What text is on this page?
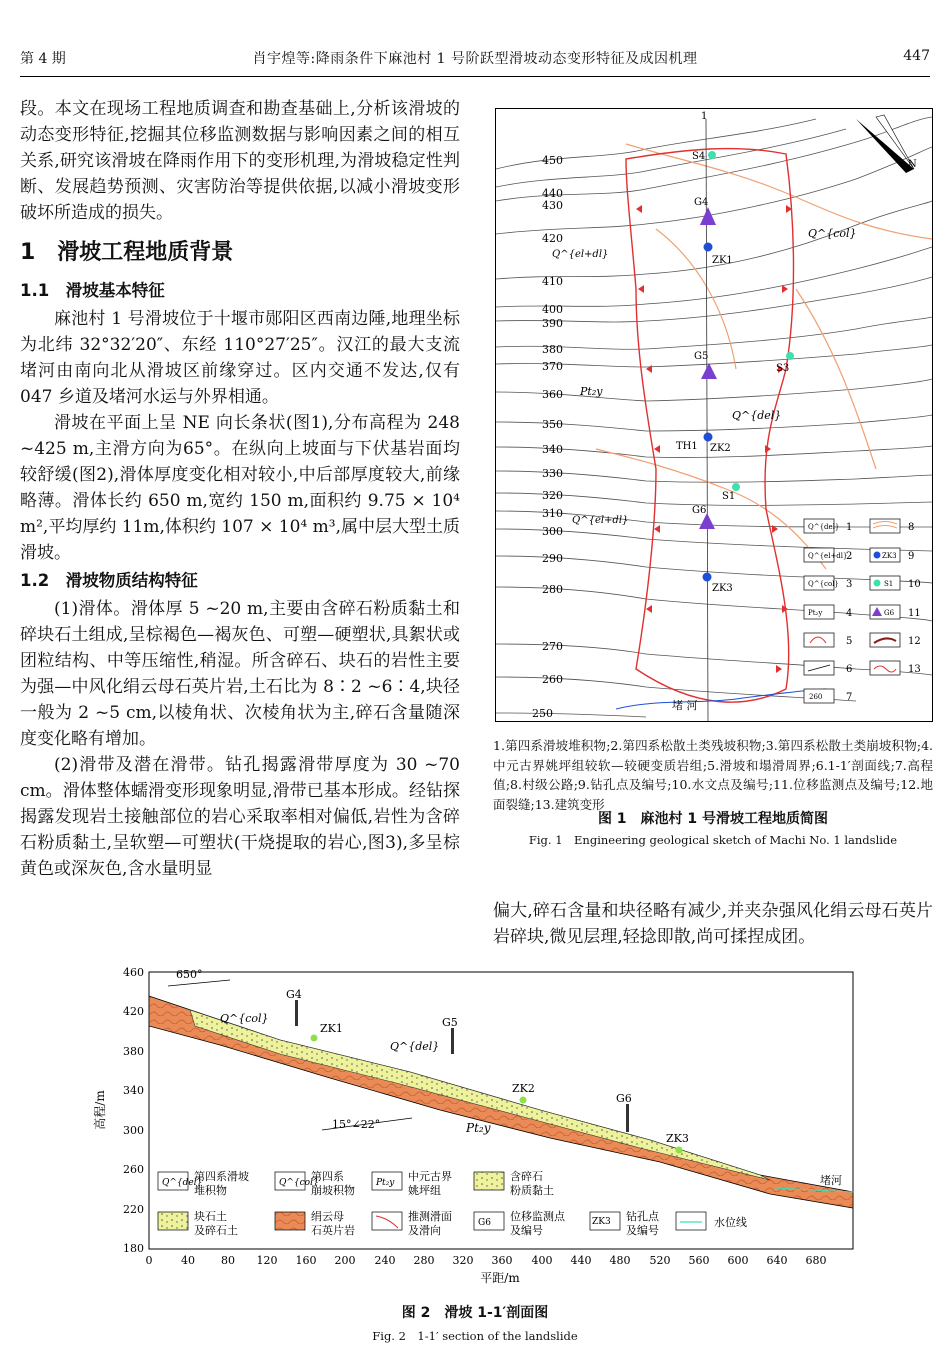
第 4 期	肖宇煌等:降雨条件下麻池村 1 号阶跃型滑坡动态变形特征及成因机理	447

段。本文在现场工程地质调查和勘查基础上,分析该滑坡的动态变形特征,挖掘其位移监测数据与影响因素之间的相互关系,研究该滑坡在降雨作用下的变形机理,为滑坡稳定性判断、发展趋势预测、灾害防治等提供依据,以减小滑坡变形破坏所造成的损失。

1　滑坡工程地质背景

1.1　滑坡基本特征

麻池村 1 号滑坡位于十堰市郧阳区西南边陲,地理坐标为北纬 32°32′20″、东经 110°27′25″。汉江的最大支流堵河由南向北从滑坡区前缘穿过。区内交通不发达,仅有 047 乡道及堵河水运与外界相通。

滑坡在平面上呈 NE 向长条状(图1),分布高程为 248 ~425 m,主滑方向为65°。在纵向上坡面与下伏基岩面均较舒缓(图2),滑体厚度变化相对较小,中后部厚度较大,前缘略薄。滑体长约 650 m,宽约 150 m,面积约 9.75 × 10⁴ m²,平均厚约 11m,体积约 107 × 10⁴ m³,属中层大型土质滑坡。

1.2　滑坡物质结构特征

(1)滑体。滑体厚 5 ~20 m,主要由含碎石粉质黏土和碎块石土组成,呈棕褐色—褐灰色、可塑—硬塑状,具絮状或团粒结构、中等压缩性,稍湿。所含碎石、块石的岩性主要为强—中风化绢云母石英片岩,土石比为 8∶2 ~6∶4,块径一般为 2 ~5 cm,以棱角状、次棱角状为主,碎石含量随深度变化略有增加。

(2)滑带及潜在滑带。钻孔揭露滑带厚度为 30 ~70 cm。滑体整体蠕滑变形现象明显,滑带已基本形成。经钻探揭露发现岩土接触部位的岩心采取率相对偏低,岩性为含碎石粉质黏土,呈软塑—可塑状(干烧提取的岩心,图3),多呈棕黄色或深灰色,含水量明显

450
440
430
420
410
400
390
380
370
360
350
340
330
320
310
300
290
280
270
260
250
1
N
Q^{col}
Q^{el+dl}
Pt₂y
Q^{del}
Q^{el+dl}
S4
G4
ZK1
G5
S3
TH1 ZK2
S1
G6
ZK3
堵 河
Q^{del} 1
Q^{el+dl}
2
Q^{col} 3
Pt₂y 4
5
6
260 7
8
ZK3 9
S1 10
G6 11
12
13
1.第四系滑坡堆积物;2.第四系松散土类残坡积物;3.第四系松散土类崩坡积物;4.中元古界姚坪组较软—较硬变质岩组;5.滑坡和塌滑周界;6.1-1′剖面线;7.高程值;8.村级公路;9.钻孔点及编号;10.水文点及编号;11.位移监测点及编号;12.地面裂缝;13.建筑变形
图 1　麻池村 1 号滑坡工程地质简图
Fig. 1　Engineering geological sketch of Machi No. 1 landslide
偏大,碎石含量和块径略有减少,并夹杂强风化绢云母石英片岩碎块,微见层理,轻捻即散,尚可揉捏成团。
460
420
380
340
300
260
220
180
高程/m
0	40 80 120 160 200 240 280 320 360 400 440 480 520 560 600 640 680
平距/m
650°
15°∠22°
Q^{col}
Q^{del}
Pt₂y
堵河
G4
ZK1	G5
ZK2
G6
ZK3
Q^{del}
第四系滑坡
堆积物
Q^{col}
第四系
崩坡积物
Pt₂y 中元古界
姚坪组
含碎石
粉质黏土
块石土
及碎石土
绢云母
石英片岩
推测滑面
及滑向
G6 位移监测点
及编号
ZK3 钻孔点
及编号
水位线
图 2　滑坡 1-1′剖面图
Fig. 2　1-1′ section of the landslide
